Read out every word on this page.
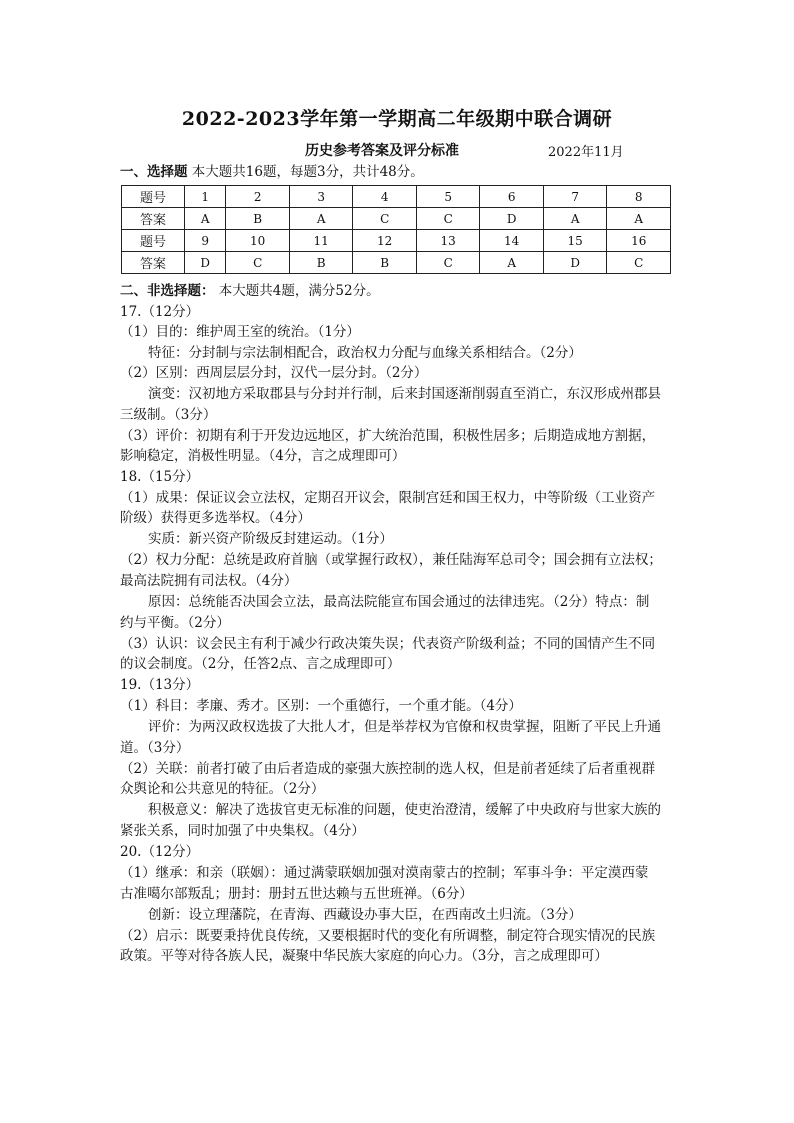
2022-2023学年第一学期高二年级期中联合调研
历史参考答案及评分标准	2022年11月
一、选择题 本大题共16题，每题3分，共计48分。
题号	1	2	3	4	5	6	7	8
答案	A	B	A	C	C	D	A	A
题号	9	10	11	12	13	14	15	16
答案	D	C	B	B	C	A	D	C
二、非选择题： 本大题共4题，满分52分。
17.（12分）
（1）目的：维护周王室的统治。（1分）
特征：分封制与宗法制相配合，政治权力分配与血缘关系相结合。（2分）
（2）区别：西周层层分封，汉代一层分封。（2分）
演变：汉初地方采取郡县与分封并行制，后来封国逐渐削弱直至消亡，东汉形成州郡县
三级制。（3分）
（3）评价：初期有利于开发边远地区，扩大统治范围，积极性居多；后期造成地方割据，
影响稳定，消极性明显。（4分，言之成理即可）
18.（15分）
（1）成果：保证议会立法权，定期召开议会，限制宫廷和国王权力，中等阶级（工业资产
阶级）获得更多选举权。（4分）
实质：新兴资产阶级反封建运动。（1分）
（2）权力分配：总统是政府首脑（或掌握行政权），兼任陆海军总司令；国会拥有立法权；
最高法院拥有司法权。（4分）
原因：总统能否决国会立法，最高法院能宣布国会通过的法律违宪。（2分）特点：制
约与平衡。（2分）
（3）认识：议会民主有利于减少行政决策失误；代表资产阶级利益；不同的国情产生不同
的议会制度。（2分，任答2点、言之成理即可）
19.（13分）
（1）科目：孝廉、秀才。区别：一个重德行，一个重才能。（4分）
评价：为两汉政权选拔了大批人才，但是举荐权为官僚和权贵掌握，阻断了平民上升通
道。（3分）
（2）关联：前者打破了由后者造成的豪强大族控制的选人权，但是前者延续了后者重视群
众舆论和公共意见的特征。（2分）
积极意义：解决了选拔官吏无标准的问题，使吏治澄清，缓解了中央政府与世家大族的
紧张关系，同时加强了中央集权。（4分）
20.（12分）
（1）继承：和亲（联姻）：通过满蒙联姻加强对漠南蒙古的控制；军事斗争：平定漠西蒙
古准噶尔部叛乱；册封：册封五世达赖与五世班禅。（6分）
创新：设立理藩院，在青海、西藏设办事大臣，在西南改土归流。（3分）
（2）启示：既要秉持优良传统，又要根据时代的变化有所调整，制定符合现实情况的民族
政策。平等对待各族人民，凝聚中华民族大家庭的向心力。（3分，言之成理即可）
